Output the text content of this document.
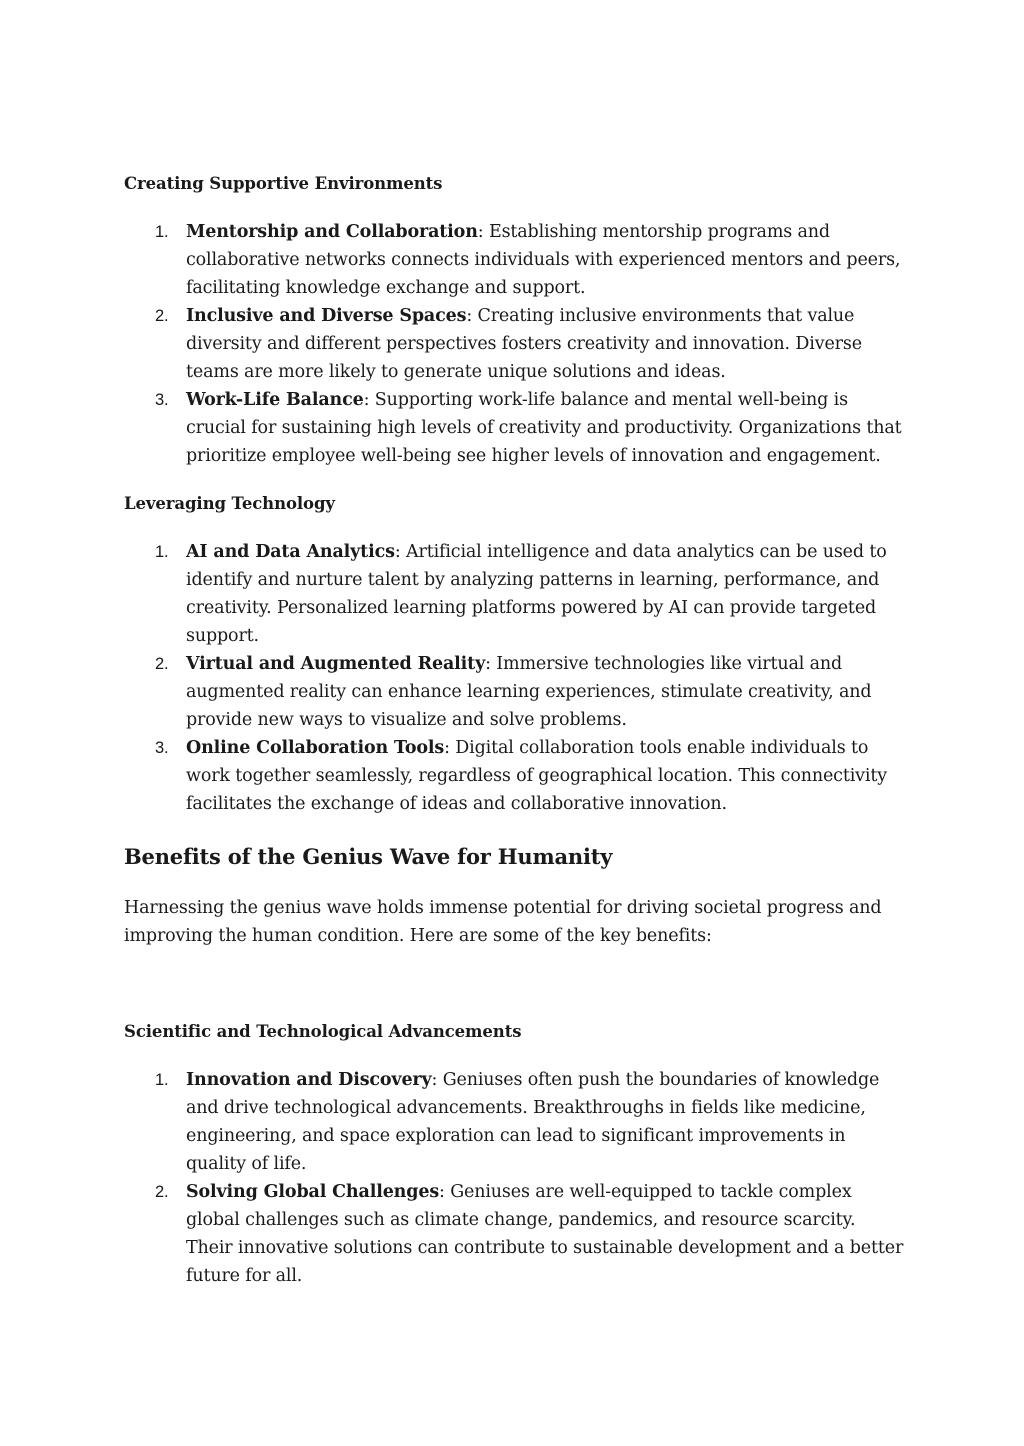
Creating Supportive Environments
1. Mentorship and Collaboration: Establishing mentorship programs and collaborative networks connects individuals with experienced mentors and peers, facilitating knowledge exchange and support.
2. Inclusive and Diverse Spaces: Creating inclusive environments that value diversity and different perspectives fosters creativity and innovation. Diverse teams are more likely to generate unique solutions and ideas.
3. Work-Life Balance: Supporting work-life balance and mental well-being is crucial for sustaining high levels of creativity and productivity. Organizations that prioritize employee well-being see higher levels of innovation and engagement.
Leveraging Technology
1. AI and Data Analytics: Artificial intelligence and data analytics can be used to identify and nurture talent by analyzing patterns in learning, performance, and creativity. Personalized learning platforms powered by AI can provide targeted support.
2. Virtual and Augmented Reality: Immersive technologies like virtual and augmented reality can enhance learning experiences, stimulate creativity, and provide new ways to visualize and solve problems.
3. Online Collaboration Tools: Digital collaboration tools enable individuals to work together seamlessly, regardless of geographical location. This connectivity facilitates the exchange of ideas and collaborative innovation.
Benefits of the Genius Wave for Humanity

Harnessing the genius wave holds immense potential for driving societal progress and improving the human condition. Here are some of the key benefits:

Scientific and Technological Advancements
1. Innovation and Discovery: Geniuses often push the boundaries of knowledge and drive technological advancements. Breakthroughs in fields like medicine, engineering, and space exploration can lead to significant improvements in quality of life.
2. Solving Global Challenges: Geniuses are well-equipped to tackle complex global challenges such as climate change, pandemics, and resource scarcity. Their innovative solutions can contribute to sustainable development and a better future for all.
